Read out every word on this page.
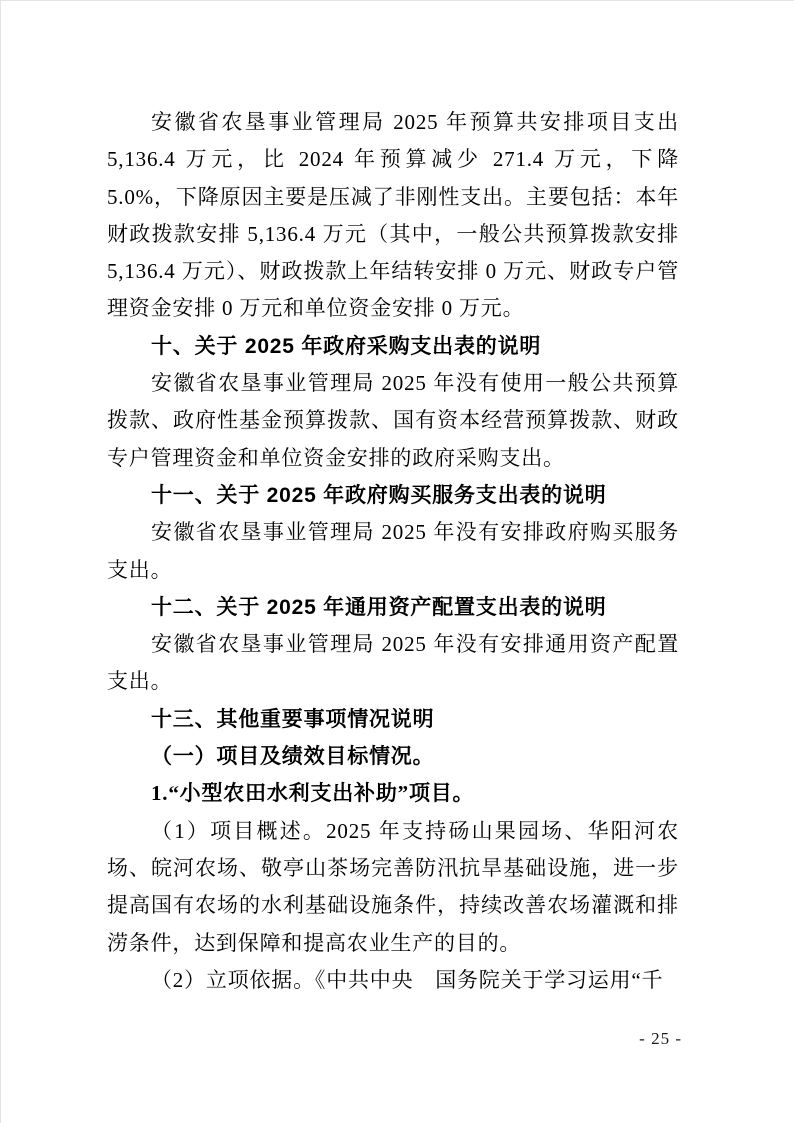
安徽省农垦事业管理局 2025 年预算共安排项目支出 5,136.4 万元，比 2024 年预算减少 271.4 万元，下降 5.0%，下降原因主要是压减了非刚性支出。主要包括：本年财政拨款安排 5,136.4 万元（其中，一般公共预算拨款安排 5,136.4 万元）、财政拨款上年结转安排 0 万元、财政专户管理资金安排 0 万元和单位资金安排 0 万元。

十、关于 2025 年政府采购支出表的说明

安徽省农垦事业管理局 2025 年没有使用一般公共预算拨款、政府性基金预算拨款、国有资本经营预算拨款、财政专户管理资金和单位资金安排的政府采购支出。

十一、关于 2025 年政府购买服务支出表的说明

安徽省农垦事业管理局 2025 年没有安排政府购买服务支出。

十二、关于 2025 年通用资产配置支出表的说明

安徽省农垦事业管理局 2025 年没有安排通用资产配置支出。

十三、其他重要事项情况说明
（一）项目及绩效目标情况。
1.“小型农田水利支出补助”项目。

（1）项目概述。2025 年支持砀山果园场、华阳河农场、皖河农场、敬亭山茶场完善防汛抗旱基础设施，进一步提高国有农场的水利基础设施条件，持续改善农场灌溉和排涝条件，达到保障和提高农业生产的目的。

（2）立项依据。《中共中央　国务院关于学习运用“千

- 25 -
